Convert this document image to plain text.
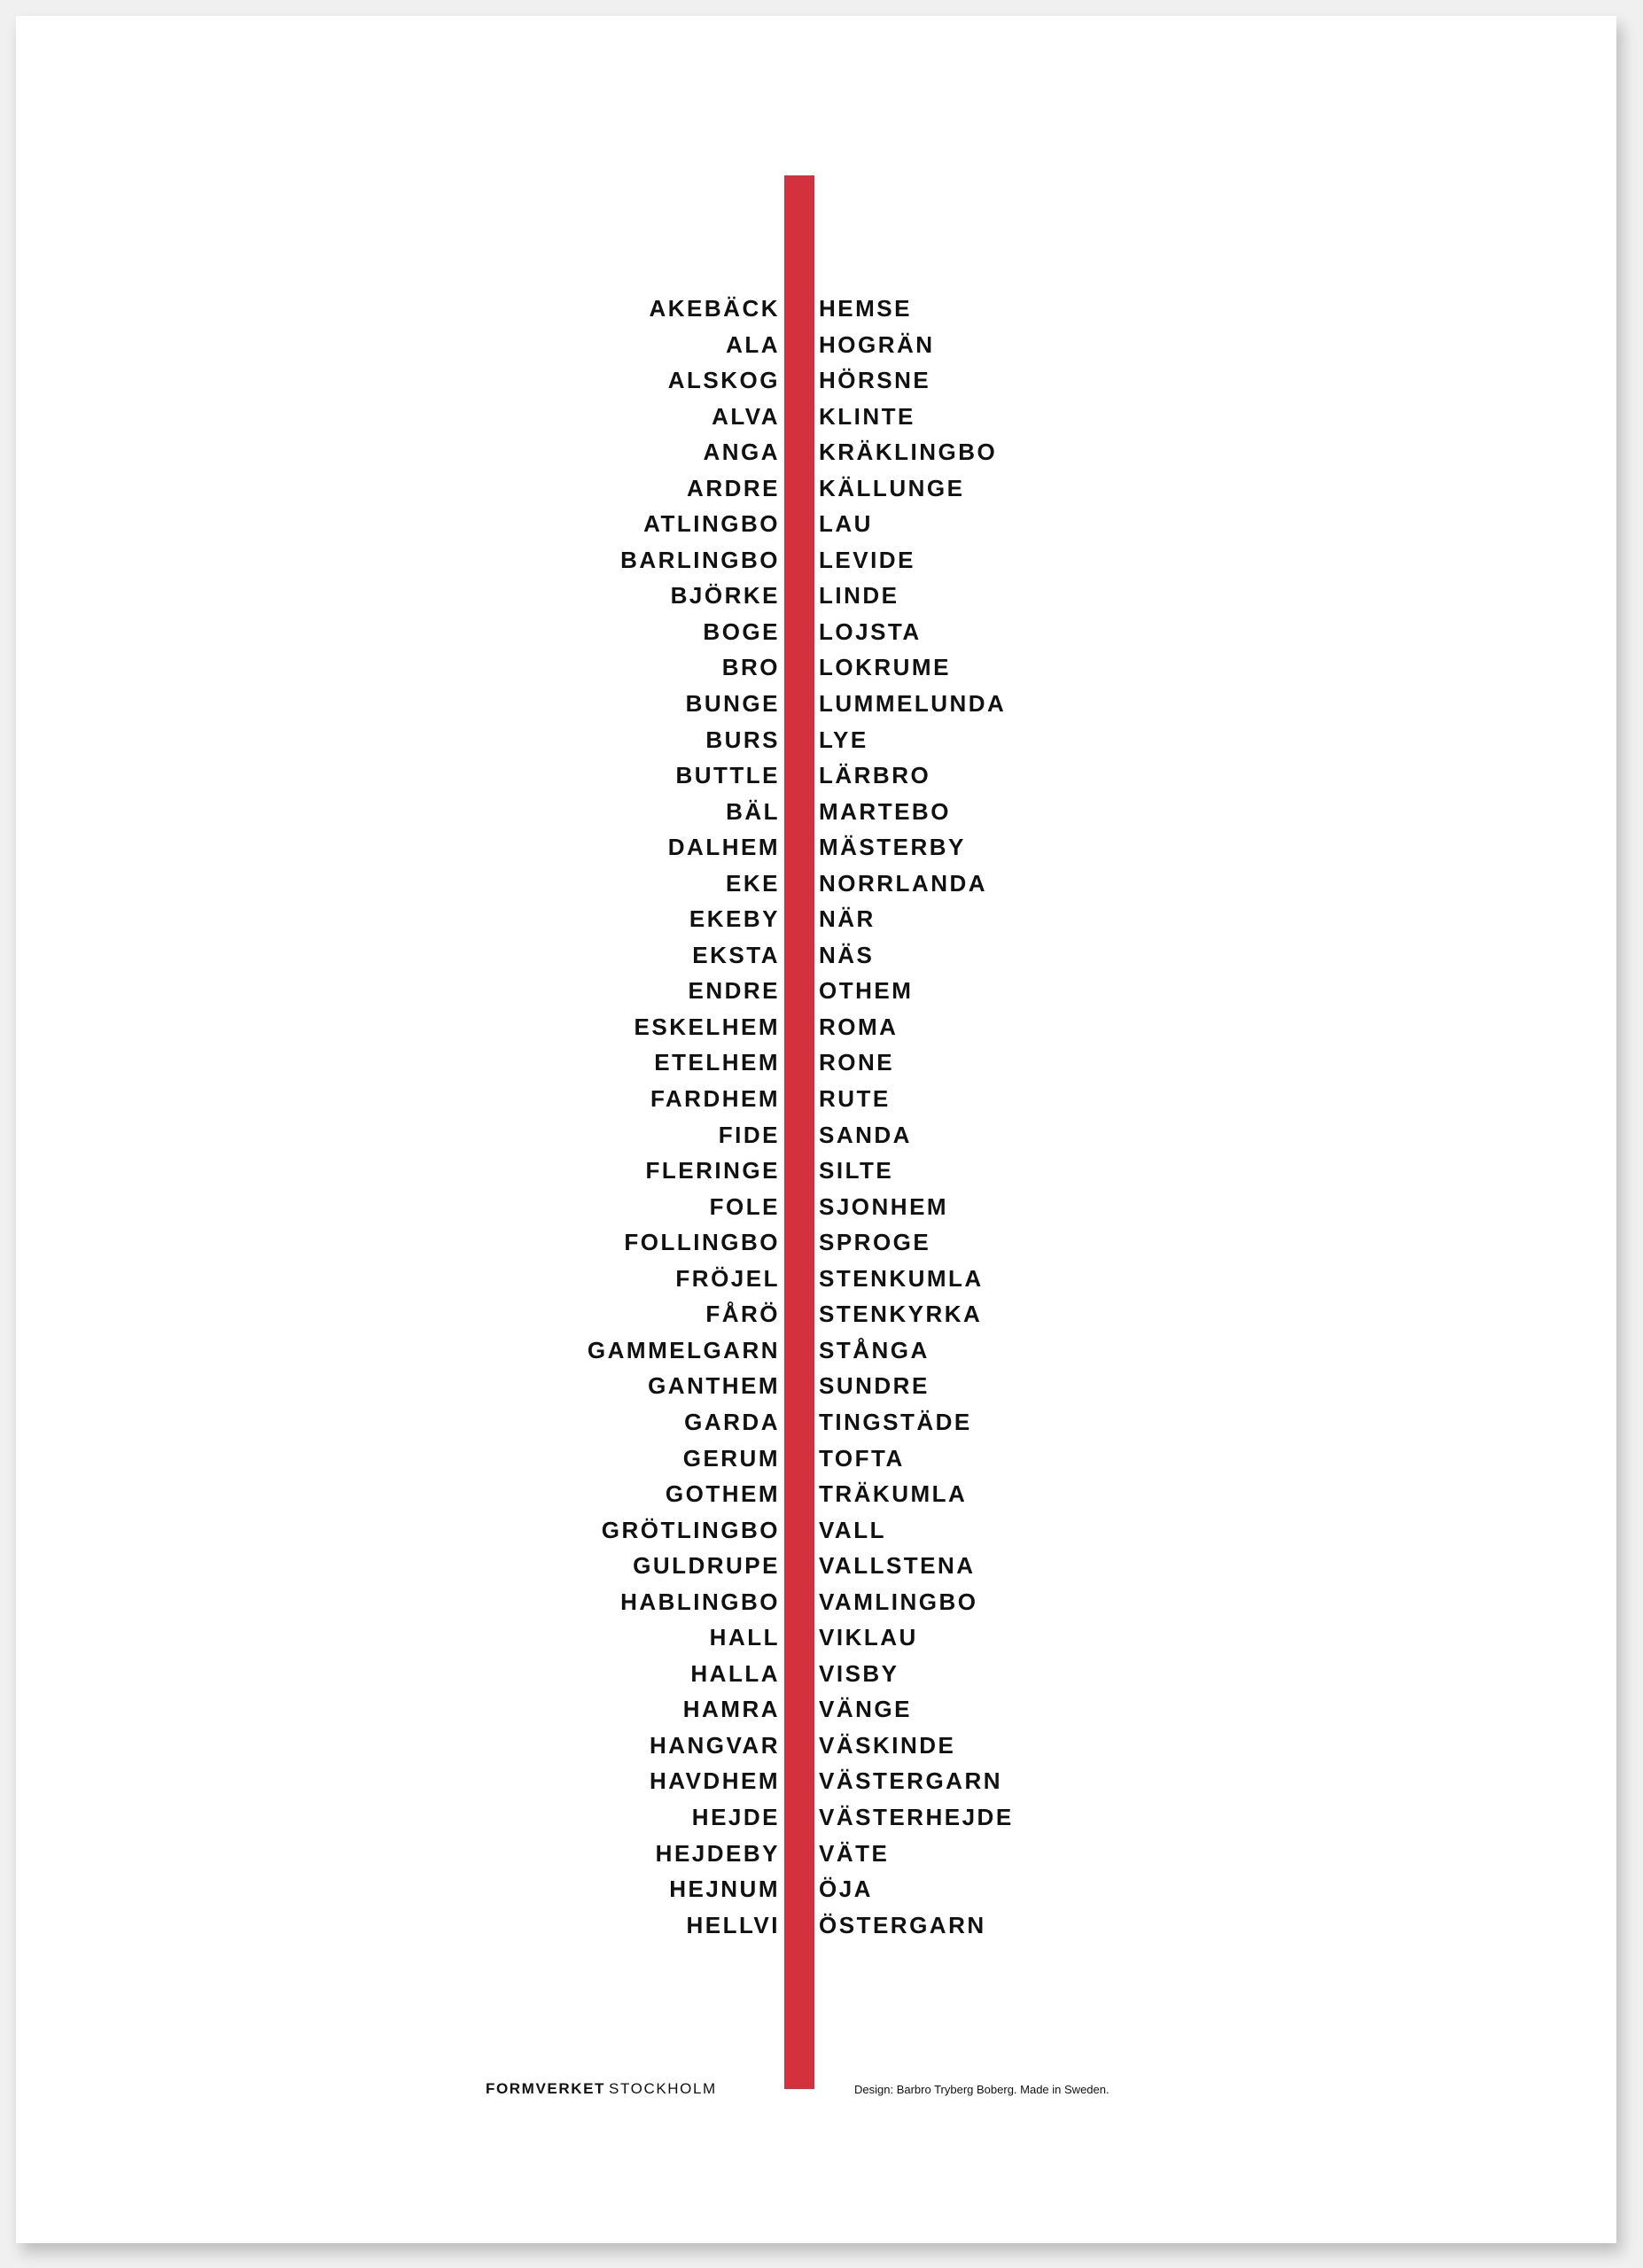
AKEBÄCK
ALA
ALSKOG
ALVA
ANGA
ARDRE
ATLINGBO
BARLINGBO
BJÖRKE
BOGE
BRO
BUNGE
BURS
BUTTLE
BÄL
DALHEM
EKE
EKEBY
EKSTA
ENDRE
ESKELHEM
ETELHEM
FARDHEM
FIDE
FLERINGE
FOLE
FOLLINGBO
FRÖJEL
FÅRÖ
GAMMELGARN
GANTHEM
GARDA
GERUM
GOTHEM
GRÖTLINGBO
GULDRUPE
HABLINGBO
HALL
HALLA
HAMRA
HANGVAR
HAVDHEM
HEJDE
HEJDEBY
HEJNUM
HELLVI
HEMSE
HOGRÄN
HÖRSNE
KLINTE
KRÄKLINGBO
KÄLLUNGE
LAU
LEVIDE
LINDE
LOJSTA
LOKRUME
LUMMELUNDA
LYE
LÄRBRO
MARTEBO
MÄSTERBY
NORRLANDA
NÄR
NÄS
OTHEM
ROMA
RONE
RUTE
SANDA
SILTE
SJONHEM
SPROGE
STENKUMLA
STENKYRKA
STÅNGA
SUNDRE
TINGSTÄDE
TOFTA
TRÄKUMLA
VALL
VALLSTENA
VAMLINGBO
VIKLAU
VISBY
VÄNGE
VÄSKINDE
VÄSTERGARN
VÄSTERHEJDE
VÄTE
ÖJA
ÖSTERGARN
FORMVERKET STOCKHOLM	Design: Barbro Tryberg Boberg. Made in Sweden.
